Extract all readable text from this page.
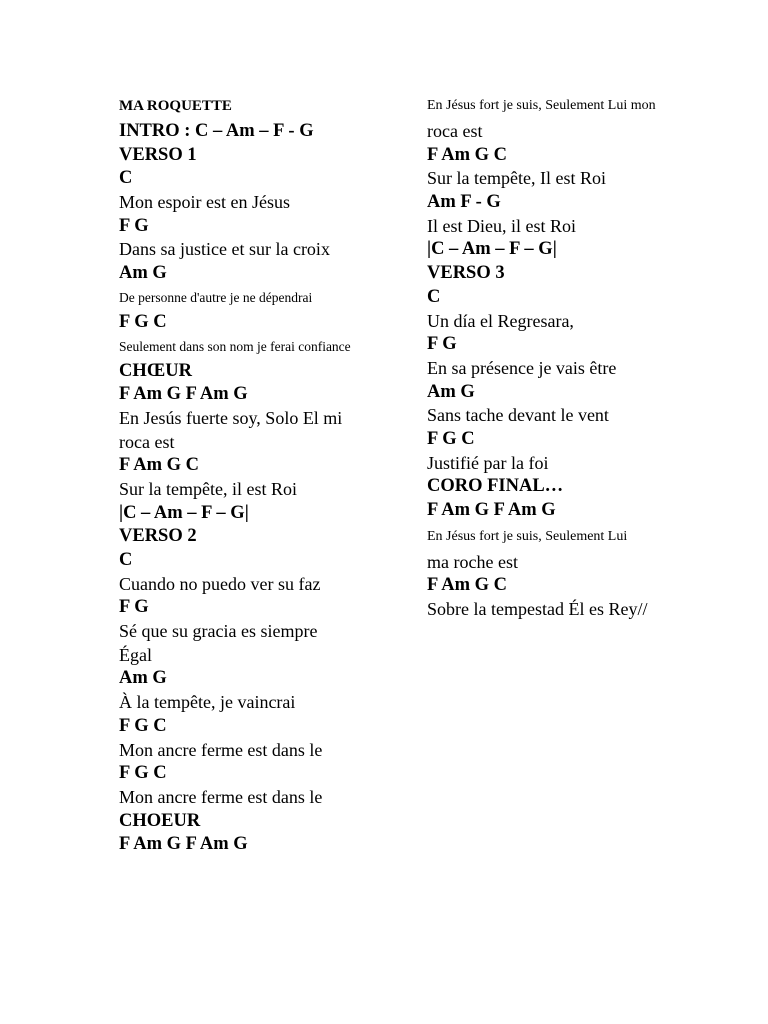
MA ROQUETTE
INTRO : C – Am – F - G
VERSO 1
C
Mon espoir est en Jésus
F G
Dans sa justice et sur la croix
Am G
De personne d'autre je ne dépendrai
F G C
Seulement dans son nom je ferai confiance
CHŒUR
F Am G F Am G
En Jesús fuerte soy, Solo El mi
roca est
F Am G C
Sur la tempête, il est Roi
|C – Am – F – G|
VERSO 2
C
Cuando no puedo ver su faz
F G
Sé que su gracia es siempre
Égal
Am G
À la tempête, je vaincrai
F G C
Mon ancre ferme est dans le
F G C
Mon ancre ferme est dans le
CHOEUR
F Am G F Am G
En Jésus fort je suis, Seulement Lui mon
roca est
F Am G C
Sur la tempête, Il est Roi
Am F - G
Il est Dieu, il est Roi
|C – Am – F – G|
VERSO 3
C
Un día el Regresara,
F G
En sa présence je vais être
Am G
Sans tache devant le vent
F G C
Justifié par la foi
CORO FINAL…
F Am G F Am G
En Jésus fort je suis, Seulement Lui
ma roche est
F Am G C
Sobre la tempestad Él es Rey//
